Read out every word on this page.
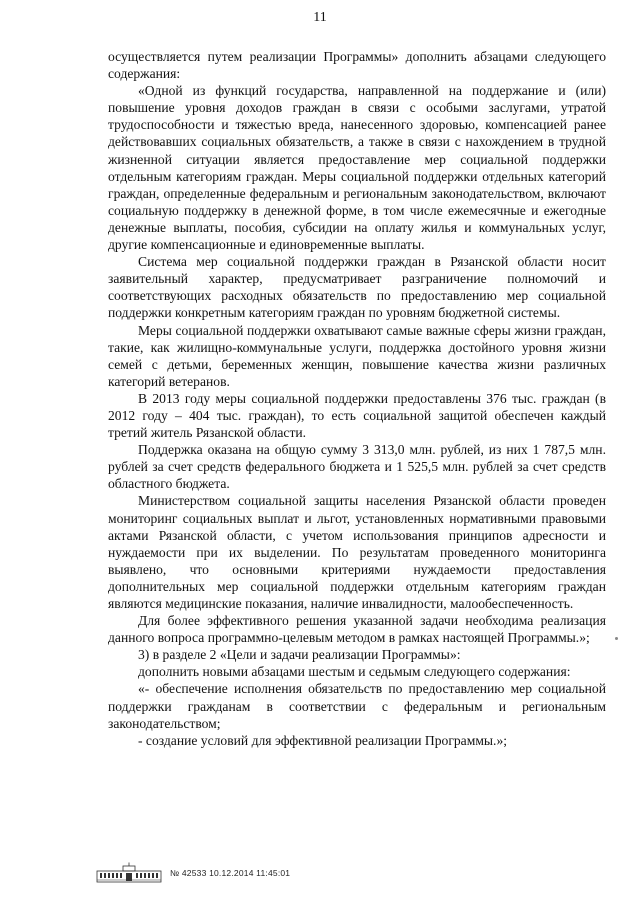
11

осуществляется путем реализации Программы» дополнить абзацами следующего содержания:

«Одной из функций государства, направленной на поддержание и (или) повышение уровня доходов граждан в связи с особыми заслугами, утратой трудоспособности и тяжестью вреда, нанесенного здоровью, компенсацией ранее действовавших социальных обязательств, а также в связи с нахождением в трудной жизненной ситуации является предоставление мер социальной поддержки отдельным категориям граждан. Меры социальной поддержки отдельных категорий граждан, определенные федеральным и региональным законодательством, включают социальную поддержку в денежной форме, в том числе ежемесячные и ежегодные денежные выплаты, пособия, субсидии на оплату жилья и коммунальных услуг, другие компенсационные и единовременные выплаты.

Система мер социальной поддержки граждан в Рязанской области носит заявительный характер, предусматривает разграничение полномочий и соответствующих расходных обязательств по предоставлению мер социальной поддержки конкретным категориям граждан по уровням бюджетной системы.

Меры социальной поддержки охватывают самые важные сферы жизни граждан, такие, как жилищно-коммунальные услуги, поддержка достойного уровня жизни семей с детьми, беременных женщин, повышение качества жизни различных категорий ветеранов.

В 2013 году меры социальной поддержки предоставлены 376 тыс. граждан (в 2012 году – 404 тыс. граждан), то есть социальной защитой обеспечен каждый третий житель Рязанской области.

Поддержка оказана на общую сумму 3 313,0 млн. рублей, из них 1 787,5 млн. рублей за счет средств федерального бюджета и 1 525,5 млн. рублей за счет средств областного бюджета.

Министерством социальной защиты населения Рязанской области проведен мониторинг социальных выплат и льгот, установленных нормативными правовыми актами Рязанской области, с учетом использования принципов адресности и нуждаемости при их выделении. По результатам проведенного мониторинга выявлено, что основными критериями нуждаемости предоставления дополнительных мер социальной поддержки отдельным категориям граждан являются медицинские показания, наличие инвалидности, малообеспеченность.

Для более эффективного решения указанной задачи необходима реализация данного вопроса программно-целевым методом в рамках настоящей Программы.»;

3) в разделе 2 «Цели и задачи реализации Программы»:

дополнить новыми абзацами шестым и седьмым следующего содержания:

«- обеспечение исполнения обязательств по предоставлению мер социальной поддержки гражданам в соответствии с федеральным и региональным законодательством;

- создание условий для эффективной реализации Программы.»;

№ 42533 10.12.2014 11:45:01
